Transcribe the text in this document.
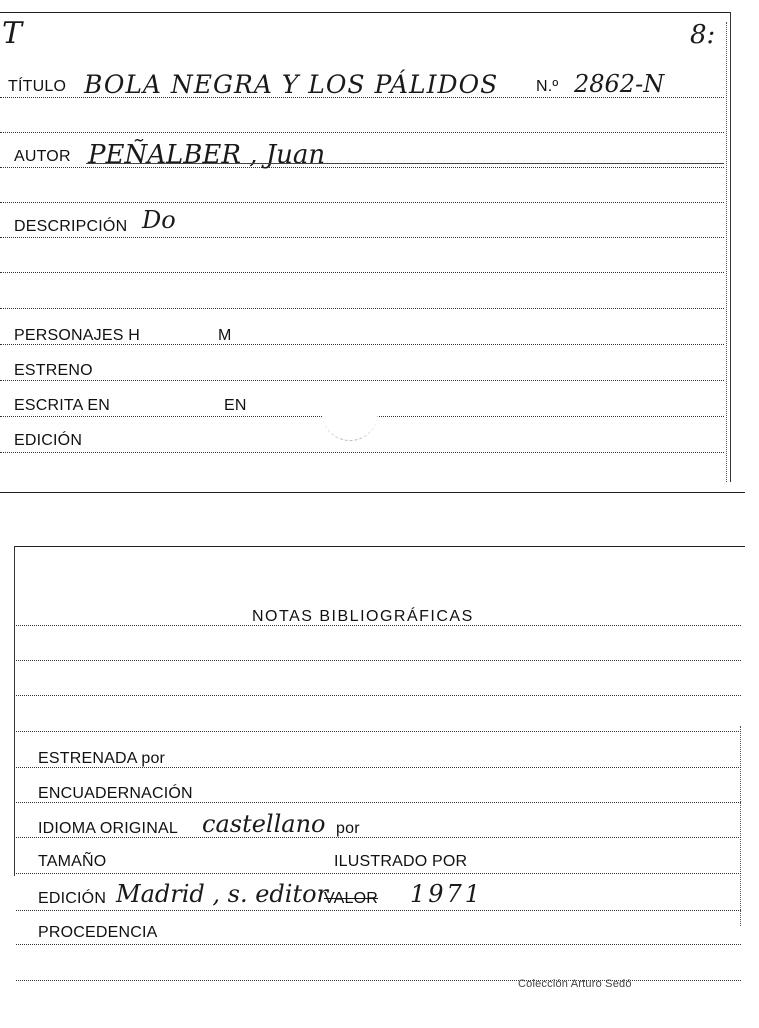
T	8:
TÍTULO BOLA NEGRA Y LOS PÁLIDOS N.º 2862-N
AUTOR PEÑALBER , Juan
DESCRIPCIÓN Do
PERSONAJES H	M
ESTRENO
ESCRITA EN	EN
EDICIÓN
NOTAS BIBLIOGRÁFICAS
ESTRENADA por
ENCUADERNACIÓN
IDIOMA ORIGINAL castellano por
TAMAÑO	ILUSTRADO POR
EDICIÓN Madrid , s. editor
VALOR 1971
PROCEDENCIA
Colección Arturo Sedó
